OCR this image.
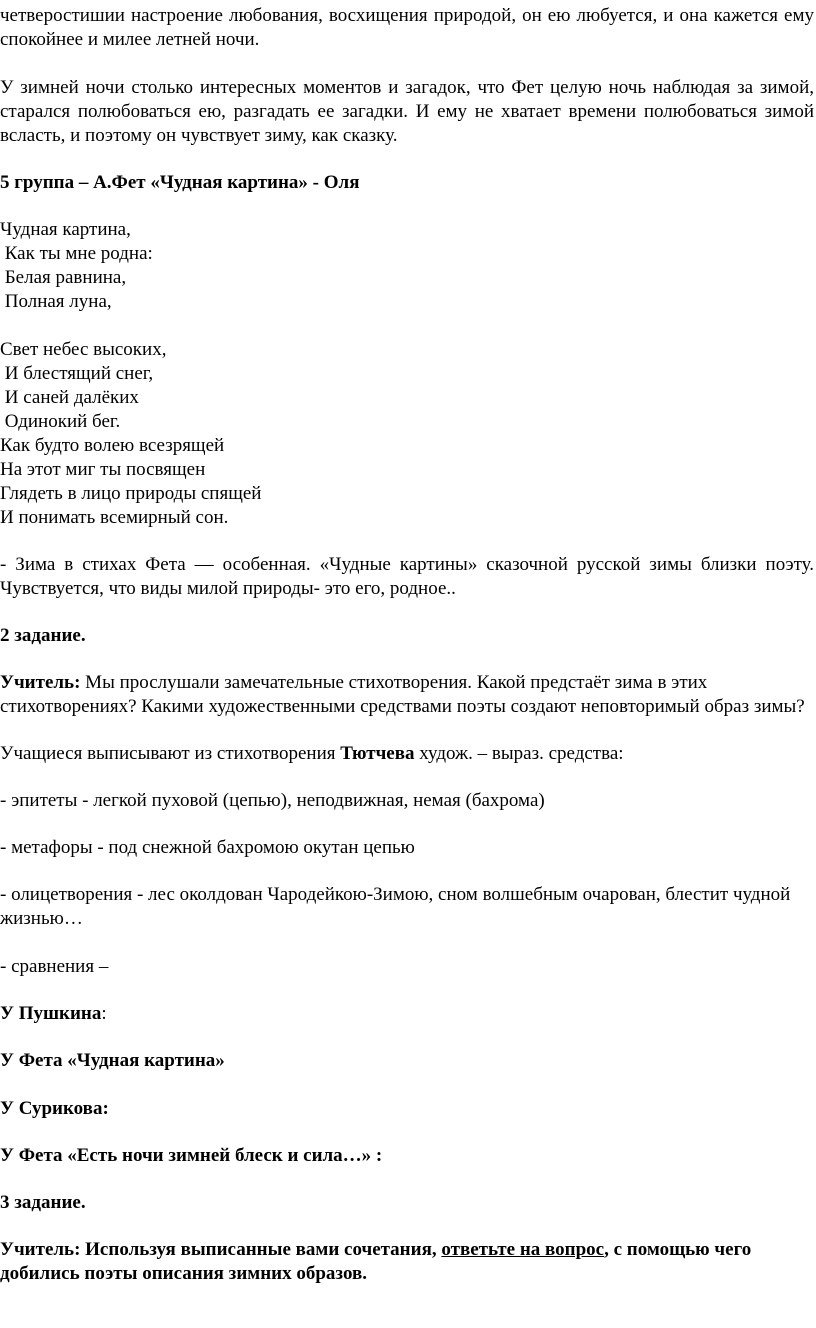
четверостишии настроение любования, восхищения природой, он ею любуется, и она кажется ему спокойнее и милее летней ночи.

У зимней ночи столько интересных моментов и загадок, что Фет целую ночь наблюдая за зимой, старался полюбоваться ею, разгадать ее загадки. И ему не хватает времени полюбоваться зимой всласть, и поэтому он чувствует зиму, как сказку.

5 группа – А.Фет «Чудная картина» - Оля

Чудная картина,
Как ты мне родна:
Белая равнина,
Полная луна,
Свет небес высоких,
И блестящий снег,
И саней далёких
Одинокий бег.
Как будто волею всезрящей
На этот миг ты посвящен
Глядеть в лицо природы спящей
И понимать всемирный сон.

- Зима в стихах Фета — особенная. «Чудные картины» сказочной русской зимы близки поэту. Чувствуется, что виды милой природы- это его, родное..

2 задание.

Учитель: Мы прослушали замечательные стихотворения. Какой предстаёт зима в этих стихотворениях? Какими художественными средствами поэты создают неповторимый образ зимы?

Учащиеся выписывают из стихотворения Тютчева худож. – выраз. средства:

- эпитеты - легкой пуховой (цепью), неподвижная, немая (бахрома)

- метафоры - под снежной бахромою окутан цепью

- олицетворения - лес околдован Чародейкою-Зимою, сном волшебным очарован, блестит чудной жизнью…

- сравнения –

У Пушкина:

У Фета «Чудная картина»

У Сурикова:

У Фета «Есть ночи зимней блеск и сила…» :

3 задание.

Учитель: Используя выписанные вами сочетания, ответьте на вопрос, с помощью чего добились поэты описания зимних образов.
